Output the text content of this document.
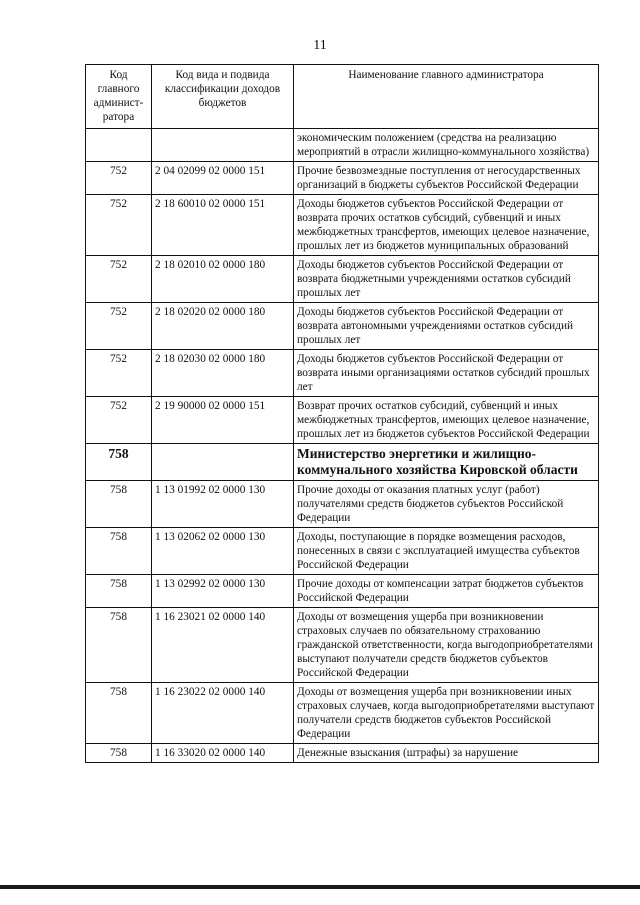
11
Код главного админист-ратора	Код вида и подвида классификации доходов бюджетов	Наименование главного администратора
		экономическим положением (средства на реализацию мероприятий в отрасли жилищно-коммунального хозяйства)
752	2 04 02099 02 0000 151	Прочие безвозмездные поступления от негосударственных организаций в бюджеты субъектов Российской Федерации
752	2 18 60010 02 0000 151	Доходы бюджетов субъектов Российской Федерации от возврата прочих остатков субсидий, субвенций и иных межбюджетных трансфертов, имеющих целевое назначение, прошлых лет из бюджетов муниципальных образований
752	2 18 02010 02 0000 180	Доходы бюджетов субъектов Российской Федерации от возврата бюджетными учреждениями остатков субсидий прошлых лет
752	2 18 02020 02 0000 180	Доходы бюджетов субъектов Российской Федерации от возврата автономными учреждениями остатков субсидий прошлых лет
752	2 18 02030 02 0000 180	Доходы бюджетов субъектов Российской Федерации от возврата иными организациями остатков субсидий прошлых лет
752	2 19 90000 02 0000 151	Возврат прочих остатков субсидий, субвенций и иных межбюджетных трансфертов, имеющих целевое назначение, прошлых лет из бюджетов субъектов Российской Федерации
758		Министерство энергетики и жилищно-коммунального хозяйства Кировской области
758	1 13 01992 02 0000 130	Прочие доходы от оказания платных услуг (работ) получателями средств бюджетов субъектов Российской Федерации
758	1 13 02062 02 0000 130	Доходы, поступающие в порядке возмещения расходов, понесенных в связи с эксплуатацией имущества субъектов Российской Федерации
758	1 13 02992 02 0000 130	Прочие доходы от компенсации затрат бюджетов субъектов Российской Федерации
758	1 16 23021 02 0000 140	Доходы от возмещения ущерба при возникновении страховых случаев по обязательному страхованию гражданской ответственности, когда выгодоприобретателями выступают получатели средств бюджетов субъектов Российской Федерации
758	1 16 23022 02 0000 140	Доходы от возмещения ущерба при возникновении иных страховых случаев, когда выгодоприобретателями выступают получатели средств бюджетов субъектов Российской Федерации
758	1 16 33020 02 0000 140	Денежные взыскания (штрафы) за нарушение
